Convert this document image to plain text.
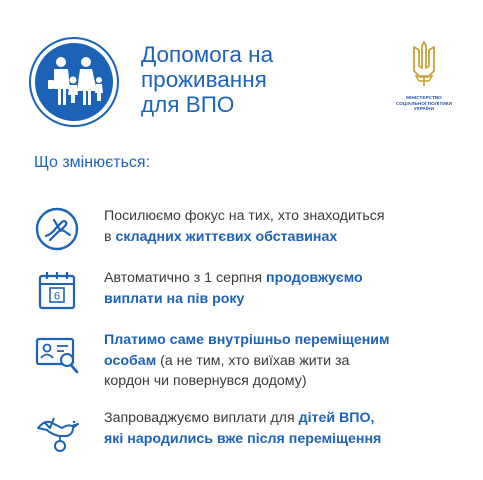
Допомога на
проживання
для ВПО	МІНІСТЕРСТВО
СОЦІАЛЬНОЇ ПОЛІТИКИ
УКРАЇНИ
Що змінюється:
Посилюємо фокус на тих, хто знаходиться
в складних життєвих обставинах
6
Автоматично з 1 серпня продовжуємо
виплати на пів року
Платимо саме внутрішньо переміщеним
особам (а не тим, хто виїхав жити за
кордон чи повернувся додому)
Запроваджуємо виплати для дітей ВПО,
які народились вже після переміщення
